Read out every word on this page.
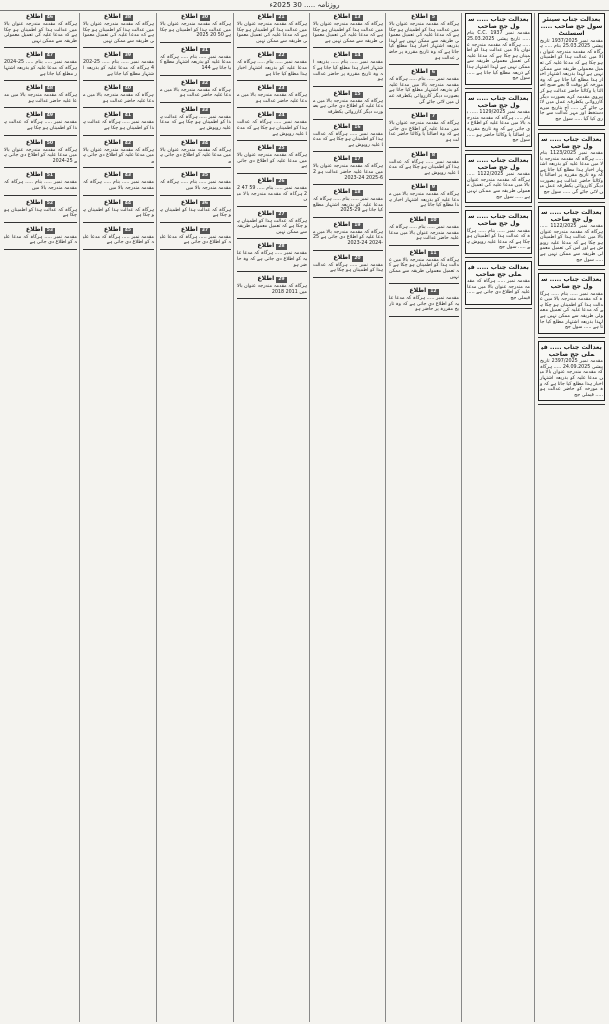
روزنامہ ..... 30 2025ء
بعدالت جناب سینئر سول جج صاحب ..... اسسٹنٹ
مقدمہ نمبر 1937/2025 تاریخ پیشی 25.03.2025 بنام ..... ہرگاہ کہ مقدمہ مندرجہ عنوان بالا میں عدالت ہذا کو اطمینان ہو چکا ہے کہ مدعا علیہ کی تعمیل معمولی طریقہ سے ممکن نہیں ہے لہذا بذریعہ اشتہار اخبار ہذا مطلع کیا جاتا ہے کہ وہ مورخہ کو بوقت 8 بجے صبح اصالتاً یا وکالتاً حاضر عدالت ہو کر پیروی مقدمہ کرے بصورت دیگر کارروائی یکطرفہ عمل میں لائی جائے گی ..... آج بتاریخ میرے دستخط اور مہر عدالت سے جاری کیا گیا ..... سول جج
بعدالت جناب ..... سول جج صاحب
مقدمہ نمبر 1123/2025 بنام ..... ہرگاہ کہ مقدمہ مندرجہ بالا میں مدعا علیہ کو بذریعہ اشتہار اخبار ہذا مطلع کیا جاتا ہے کہ وہ تاریخ مقررہ پر اصالتاً یا وکالتاً حاضر عدالت ہو بصورت دیگر کارروائی یکطرفہ عمل میں لائی جائے گی ..... سول جج
بعدالت جناب ..... سول جج صاحب
مقدمہ نمبر 1122/2025 ..... ہرگاہ کہ مقدمہ مندرجہ عنوان بالا میں عدالت ہذا کو اطمینان ہو چکا ہے کہ مدعا علیہ روپوش ہے اور اس کی تعمیل معمولی طریقہ سے ممکن نہیں ہے ..... سول جج
بعدالت جناب ..... سول جج صاحب
مقدمہ نمبر ..... بنام ..... ہرگاہ کہ مقدمہ مندرجہ بالا میں عدالت ہذا کو اطمینان ہو چکا ہے کہ مدعا علیہ کی تعمیل معمولی طریقہ سے ممکن نہیں ہے لہذا بذریعہ اشتہار مطلع کیا جاتا ہے ..... سول جج
بعدالت جناب ..... فیملی جج صاحب
مقدمہ نمبر 2397/2025 تاریخ پیشی 24.09.2025 ..... ہرگاہ کہ مقدمہ مندرجہ عنوان بالا میں مدعا علیہ کو بذریعہ اشتہار اخبار ہذا مطلع کیا جاتا ہے کہ وہ مورخہ کو حاضر عدالت ہو ..... فیملی جج
بعدالت جناب ..... سول جج صاحب
مقدمہ نمبر C.C. 1937 بنام ..... تاریخ پیشی 25.03.2025 ..... ہرگاہ کہ مقدمہ مندرجہ عنوان بالا میں عدالت ہذا کو اطمینان ہو چکا ہے کہ مدعا علیہ کی تعمیل معمولی طریقہ سے ممکن نہیں ہے لہذا اشتہار ہذا کے ذریعہ مطلع کیا جاتا ہے ..... سول جج
بعدالت جناب ..... سول جج صاحب
مقدمہ نمبر 1129/2025 ..... بنام ..... ہرگاہ کہ مقدمہ مندرجہ بالا میں مدعا علیہ کو اطلاع دی جاتی ہے کہ وہ تاریخ مقررہ پر اصالتاً یا وکالتاً حاضر ہو ..... سول جج
بعدالت جناب ..... سول جج صاحب
مقدمہ نمبر 1122/2025 ..... ہرگاہ کہ مقدمہ مندرجہ عنوان بالا میں مدعا علیہ کی تعمیل معمولی طریقہ سے ممکن نہیں ہے ..... سول جج
بعدالت جناب ..... سول جج صاحب
مقدمہ نمبر ..... بنام ..... ہرگاہ کہ عدالت ہذا کو اطمینان ہو چکا ہے کہ مدعا علیہ روپوش ہے ..... سول جج
بعدالت جناب ..... فیملی جج صاحب
مقدمہ نمبر ..... ہرگاہ کہ مقدمہ مندرجہ عنوان بالا میں مدعا علیہ کو اطلاع دی جاتی ہے ..... فیملی جج
5اطلاع
ہرگاہ کہ مقدمہ مندرجہ عنوان بالا میں عدالت ہذا کو اطمینان ہو چکا ہے کہ مدعا علیہ کی تعمیل معمولی طریقہ سے ممکن نہیں ہے لہذا بذریعہ اشتہار اخبار ہذا مطلع کیا جاتا ہے کہ وہ تاریخ مقررہ پر حاضر عدالت ہو
6اطلاع
مقدمہ نمبر ..... بنام ..... ہرگاہ کہ مقدمہ مندرجہ بالا میں مدعا علیہ کو بذریعہ اشتہار مطلع کیا جاتا ہے بصورت دیگر کارروائی یکطرفہ عمل میں لائی جائے گی
7اطلاع
ہرگاہ کہ مقدمہ مندرجہ عنوان بالا میں مدعا علیہ کو اطلاع دی جاتی ہے کہ وہ اصالتاً یا وکالتاً حاضر عدالت ہو
8اطلاع
مقدمہ نمبر ..... ہرگاہ کہ عدالت ہذا کو اطمینان ہو چکا ہے کہ مدعا علیہ روپوش ہے
9اطلاع
ہرگاہ کہ مقدمہ مندرجہ بالا میں مدعا علیہ کو بذریعہ اشتہار اخبار ہذا مطلع کیا جاتا ہے
10اطلاع
مقدمہ نمبر ..... بنام ..... ہرگاہ کہ مقدمہ مندرجہ عنوان بالا میں مدعا علیہ حاضر عدالت ہو
11اطلاع
ہرگاہ کہ مقدمہ مندرجہ بالا میں عدالت ہذا کو اطمینان ہو چکا ہے کہ تعمیل معمولی طریقہ سے ممکن نہیں
12اطلاع
مقدمہ نمبر ..... ہرگاہ کہ مدعا علیہ کو اطلاع دی جاتی ہے کہ وہ تاریخ مقررہ پر حاضر ہو
13اطلاع
ہرگاہ کہ مقدمہ مندرجہ عنوان بالا میں عدالت ہذا کو اطمینان ہو چکا ہے کہ مدعا علیہ کی تعمیل معمولی طریقہ سے ممکن نہیں ہے
14اطلاع
مقدمہ نمبر ..... بنام ..... بذریعہ اشتہار اخبار ہذا مطلع کیا جاتا ہے کہ وہ تاریخ مقررہ پر حاضر عدالت ہو
15اطلاع
ہرگاہ کہ مقدمہ مندرجہ بالا میں مدعا علیہ کو اطلاع دی جاتی ہے بصورت دیگر کارروائی یکطرفہ
16اطلاع
مقدمہ نمبر ..... ہرگاہ کہ عدالت ہذا کو اطمینان ہو چکا ہے کہ مدعا علیہ روپوش ہے
17اطلاع
ہرگاہ کہ مقدمہ مندرجہ عنوان بالا میں مدعا علیہ حاضر عدالت ہو 26-2025 24-2023
18اطلاع
مقدمہ نمبر ..... بنام ..... ہرگاہ کہ مدعا علیہ کو بذریعہ اشتہار مطلع کیا جاتا ہے 29-2025
19اطلاع
ہرگاہ کہ مقدمہ مندرجہ بالا میں مدعا علیہ کو اطلاع دی جاتی ہے 25-2024 24-2023
20اطلاع
مقدمہ نمبر ..... ہرگاہ کہ عدالت ہذا کو اطمینان ہو چکا ہے
21اطلاع
ہرگاہ کہ مقدمہ مندرجہ عنوان بالا میں عدالت ہذا کو اطمینان ہو چکا ہے کہ مدعا علیہ کی تعمیل معمولی طریقہ سے ممکن نہیں
22اطلاع
مقدمہ نمبر ..... بنام ..... ہرگاہ کہ مدعا علیہ کو بذریعہ اشتہار اخبار ہذا مطلع کیا جاتا ہے
23اطلاع
ہرگاہ کہ مقدمہ مندرجہ بالا میں مدعا علیہ حاضر عدالت ہو
24اطلاع
مقدمہ نمبر ..... ہرگاہ کہ عدالت ہذا کو اطمینان ہو چکا ہے کہ مدعا علیہ روپوش ہے
25اطلاع
ہرگاہ کہ مقدمہ مندرجہ عنوان بالا میں مدعا علیہ کو اطلاع دی جاتی ہے
26اطلاع
مقدمہ نمبر ..... بنام ..... 59 47 22 ہرگاہ کہ مقدمہ مندرجہ بالا میں
27اطلاع
ہرگاہ کہ عدالت ہذا کو اطمینان ہو چکا ہے کہ تعمیل معمولی طریقہ سے ممکن نہیں
28اطلاع
مقدمہ نمبر ..... ہرگاہ کہ مدعا علیہ کو اطلاع دی جاتی ہے کہ وہ حاضر ہو
29اطلاع
ہرگاہ کہ مقدمہ مندرجہ عنوان بالا میں 2011 2018
30اطلاع
ہرگاہ کہ مقدمہ مندرجہ عنوان بالا میں عدالت ہذا کو اطمینان ہو چکا ہے 50 20 2025
31اطلاع
مقدمہ نمبر ..... بنام ..... ہرگاہ کہ مدعا علیہ کو بذریعہ اشتہار مطلع کیا جاتا ہے 144
32اطلاع
ہرگاہ کہ مقدمہ مندرجہ بالا میں مدعا علیہ حاضر عدالت ہو
33اطلاع
مقدمہ نمبر ..... ہرگاہ کہ عدالت ہذا کو اطمینان ہو چکا ہے کہ مدعا علیہ روپوش ہے
34اطلاع
ہرگاہ کہ مقدمہ مندرجہ عنوان بالا میں مدعا علیہ کو اطلاع دی جاتی ہے
35اطلاع
مقدمہ نمبر ..... بنام ..... ہرگاہ کہ مقدمہ مندرجہ بالا میں
36اطلاع
ہرگاہ کہ عدالت ہذا کو اطمینان ہو چکا ہے
37اطلاع
مقدمہ نمبر ..... ہرگاہ کہ مدعا علیہ کو اطلاع دی جاتی ہے
38اطلاع
ہرگاہ کہ مقدمہ مندرجہ عنوان بالا میں عدالت ہذا کو اطمینان ہو چکا ہے کہ مدعا علیہ کی تعمیل معمولی طریقہ سے ممکن نہیں
39اطلاع
مقدمہ نمبر ..... بنام ..... 25-2024 ہرگاہ کہ مدعا علیہ کو بذریعہ اشتہار مطلع کیا جاتا ہے
40اطلاع
ہرگاہ کہ مقدمہ مندرجہ بالا میں مدعا علیہ حاضر عدالت ہو
41اطلاع
مقدمہ نمبر ..... ہرگاہ کہ عدالت ہذا کو اطمینان ہو چکا ہے
42اطلاع
ہرگاہ کہ مقدمہ مندرجہ عنوان بالا میں مدعا علیہ کو اطلاع دی جاتی ہے
43اطلاع
مقدمہ نمبر ..... بنام ..... ہرگاہ کہ مقدمہ مندرجہ بالا میں
44اطلاع
ہرگاہ کہ عدالت ہذا کو اطمینان ہو چکا ہے
45اطلاع
مقدمہ نمبر ..... ہرگاہ کہ مدعا علیہ کو اطلاع دی جاتی ہے
46اطلاع
ہرگاہ کہ مقدمہ مندرجہ عنوان بالا میں عدالت ہذا کو اطمینان ہو چکا ہے کہ مدعا علیہ کی تعمیل معمولی طریقہ سے ممکن نہیں
47اطلاع
مقدمہ نمبر ..... بنام ..... 25-2024 ہرگاہ کہ مدعا علیہ کو بذریعہ اشتہار مطلع کیا جاتا ہے
48اطلاع
ہرگاہ کہ مقدمہ مندرجہ بالا میں مدعا علیہ حاضر عدالت ہو
49اطلاع
مقدمہ نمبر ..... ہرگاہ کہ عدالت ہذا کو اطمینان ہو چکا ہے
50اطلاع
ہرگاہ کہ مقدمہ مندرجہ عنوان بالا میں مدعا علیہ کو اطلاع دی جاتی ہے 25-2024
51اطلاع
مقدمہ نمبر ..... بنام ..... ہرگاہ کہ مقدمہ مندرجہ بالا میں
52اطلاع
ہرگاہ کہ عدالت ہذا کو اطمینان ہو چکا ہے
53اطلاع
مقدمہ نمبر ..... ہرگاہ کہ مدعا علیہ کو اطلاع دی جاتی ہے
